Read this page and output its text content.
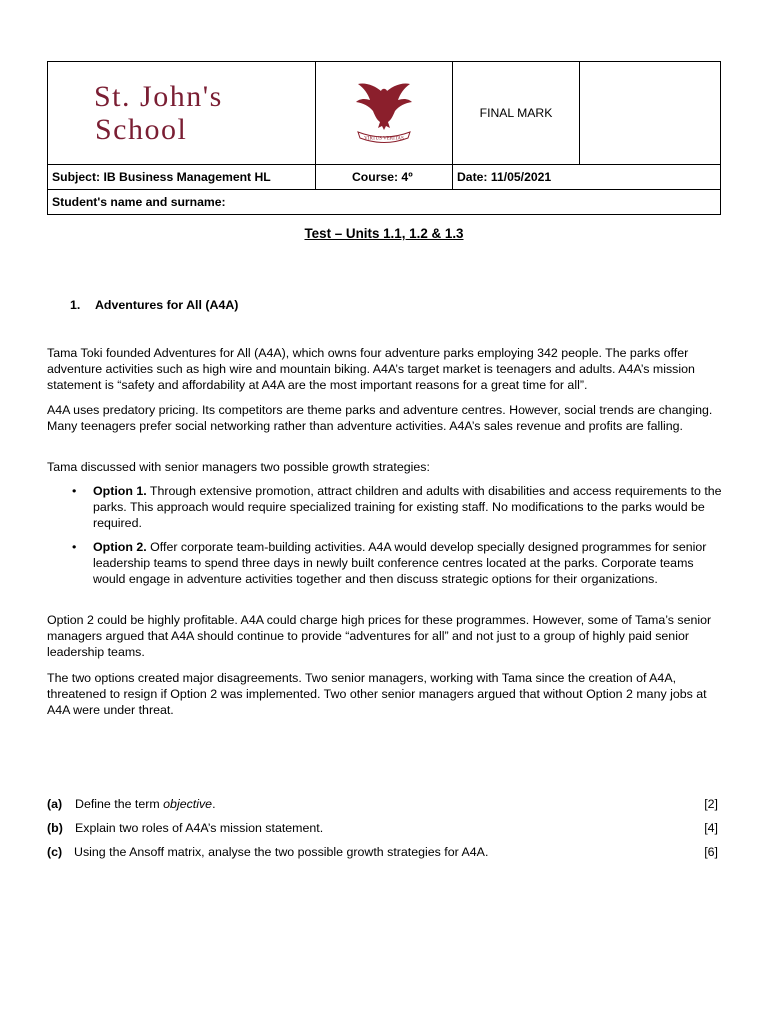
St. John's
School	VIRTUS VERITAS	FINAL MARK	
Subject: IB Business Management HL	Course: 4º	Date: 11/05/2021	
Student's name and surname:			
Test – Units 1.1, 1.2 & 1.3
1. Adventures for All (A4A)

Tama Toki founded Adventures for All (A4A), which owns four adventure parks employing 342 people. The parks offer adventure activities such as high wire and mountain biking. A4A’s target market is teenagers and adults. A4A’s mission statement is “safety and affordability at A4A are the most important reasons for a great time for all”.

A4A uses predatory pricing. Its competitors are theme parks and adventure centres. However, social trends are changing. Many teenagers prefer social networking rather than adventure activities. A4A’s sales revenue and profits are falling.

Tama discussed with senior managers two possible growth strategies:

• Option 1. Through extensive promotion, attract children and adults with disabilities and access requirements to the parks. This approach would require specialized training for existing staff. No modifications to the parks would be required.
• Option 2. Offer corporate team-building activities. A4A would develop specially designed programmes for senior leadership teams to spend three days in newly built conference centres located at the parks. Corporate teams would engage in adventure activities together and then discuss strategic options for their organizations.

Option 2 could be highly profitable. A4A could charge high prices for these programmes. However, some of Tama’s senior managers argued that A4A should continue to provide “adventures for all” and not just to a group of highly paid senior leadership teams.

The two options created major disagreements. Two senior managers, working with Tama since the creation of A4A, threatened to resign if Option 2 was implemented. Two other senior managers argued that without Option 2 many jobs at A4A were under threat.

(a) Define the term objective.	[2]
(b) Explain two roles of A4A’s mission statement.	[4]
(c) Using the Ansoff matrix, analyse the two possible growth strategies for A4A.	[6]
